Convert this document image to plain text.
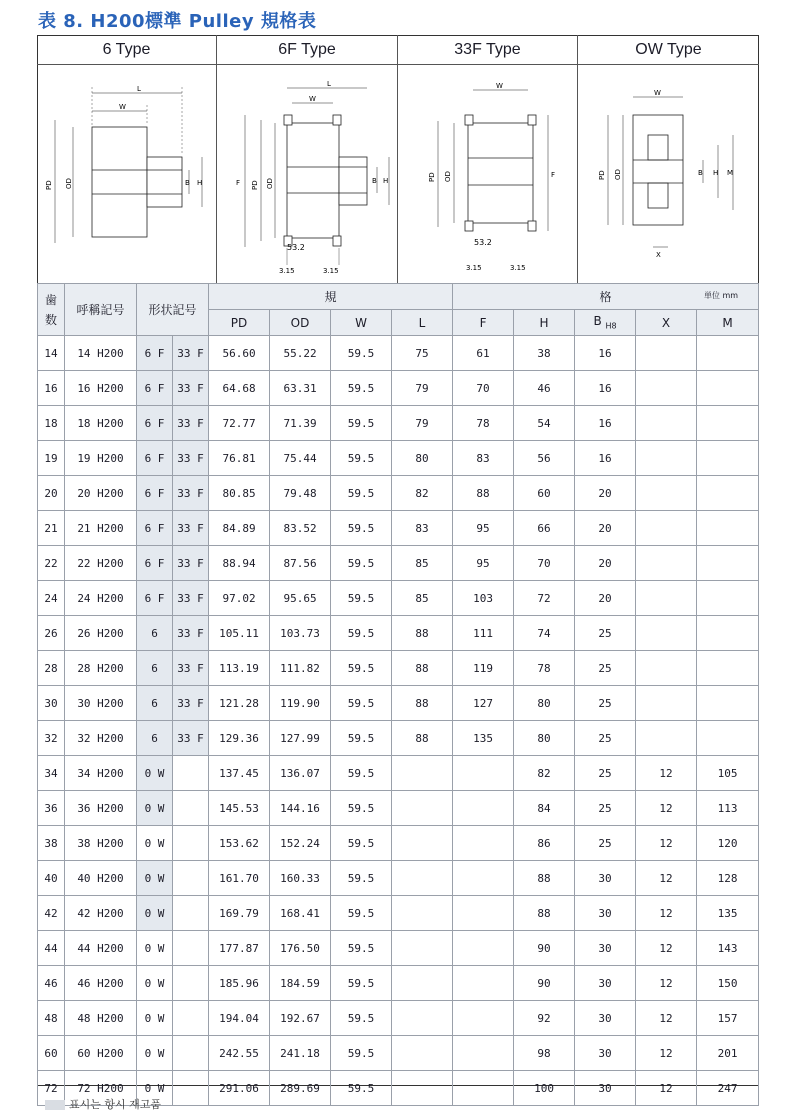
表 8. H200標準 Pulley 規格表
6 Type	6F Type	33F Type	OW Type
L
W
PD OD	B H
L
W
F PD OD	B H
53.2
3.15	3.15
W
PD OD	F
53.2
3.15	3.15
W
PD OD	B H M
X
歯数	呼稱記号	形状記号		規				格 単位 mm				

				PD	OD	W	L	F	H	B $_{H8}$	X	M
14	14 H200	6 F	33 F	56.60	55.22	59.5	75	61	38	16		
16	16 H200	6 F	33 F	64.68	63.31	59.5	79	70	46	16		
18	18 H200	6 F	33 F	72.77	71.39	59.5	79	78	54	16		
19	19 H200	6 F	33 F	76.81	75.44	59.5	80	83	56	16		
20	20 H200	6 F	33 F	80.85	79.48	59.5	82	88	60	20		
21	21 H200	6 F	33 F	84.89	83.52	59.5	83	95	66	20		
22	22 H200	6 F	33 F	88.94	87.56	59.5	85	95	70	20		
24	24 H200	6 F	33 F	97.02	95.65	59.5	85	103	72	20		
26	26 H200	6	33 F	105.11	103.73	59.5	88	111	74	25		
28	28 H200	6	33 F	113.19	111.82	59.5	88	119	78	25		
30	30 H200	6	33 F	121.28	119.90	59.5	88	127	80	25		
32	32 H200	6	33 F	129.36	127.99	59.5	88	135	80	25		
34	34 H200	0 W		137.45	136.07	59.5			82	25	12	105
36	36 H200	0 W		145.53	144.16	59.5			84	25	12	113
38	38 H200	0 W		153.62	152.24	59.5			86	25	12	120
40	40 H200	0 W		161.70	160.33	59.5			88	30	12	128
42	42 H200	0 W		169.79	168.41	59.5			88	30	12	135
44	44 H200	0 W		177.87	176.50	59.5			90	30	12	143
46	46 H200	0 W		185.96	184.59	59.5			90	30	12	150
48	48 H200	0 W		194.04	192.67	59.5			92	30	12	157
60	60 H200	0 W		242.55	241.18	59.5			98	30	12	201
72	72 H200	0 W		291.06	289.69	59.5			100	30	12	247
표시는 항시 재고품
